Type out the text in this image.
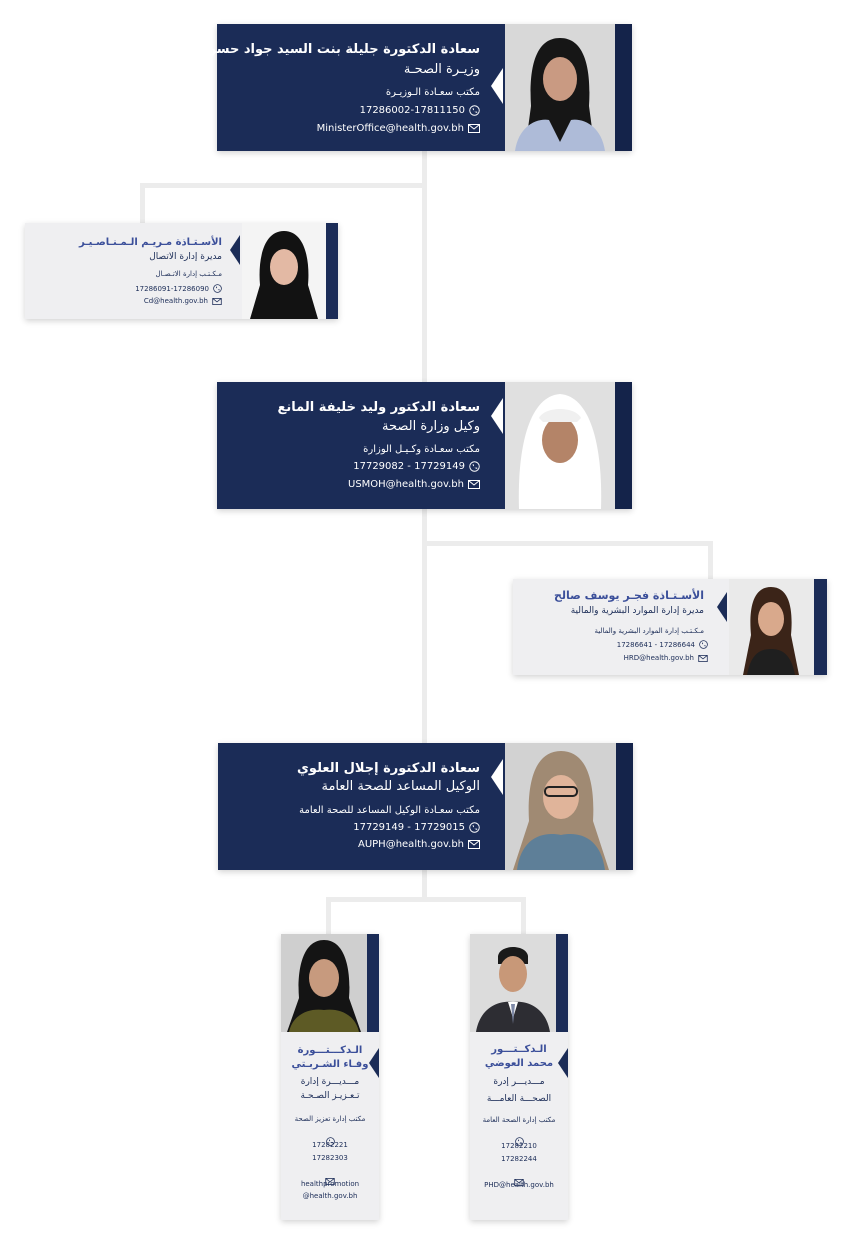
سعادة الدكتورة جليلة بنت السيد جواد حسن
وزيـرة الصحـة
مكتب سعـادة الـوزيـرة
17286002-17811150
MinisterOffice@health.gov.bh
الأسـتـاذة مـريـم الـمـنـاصـيـر
مديرة إدارة الاتصال
مـكـتـب إدارة الاتـصـال
17286091-17286090
Cd@health.gov.bh
سعادة الدكتور وليد خليفة المانع
وكيل وزارة الصحة
مكتب سعـادة وكـيـل الوزارة
17729082 - 17729149
USMOH@health.gov.bh
الأسـتـاذة فجـر يوسف صالح
مديرة إدارة الموارد البشرية والمالية
مـكـتـب إدارة الموارد البشرية والمالية
17286641 - 17286644
HRD@health.gov.bh
سعادة الدكتورة إجلال العلوي
الوكيل المساعد للصحة العامة
مكتب سعـادة الوكيل المساعد للصحة العامة
17729149 - 17729015
AUPH@health.gov.bh
الـدكـــتـــورة
وفـاء الشـربـتي
مـــديـــرة إدارة
تـعـزيـز الصـحـة
مكتب إدارة تعزيز الصحة
17282221
17282303
healthpromotion
@health.gov.bh
الـدكــتـــور
محمد العوضي
مـــديـــر إدرة
الصحـــة العامـــة
مكتب إدارة الصحة العامة
17282210
17282244
PHD@health.gov.bh
